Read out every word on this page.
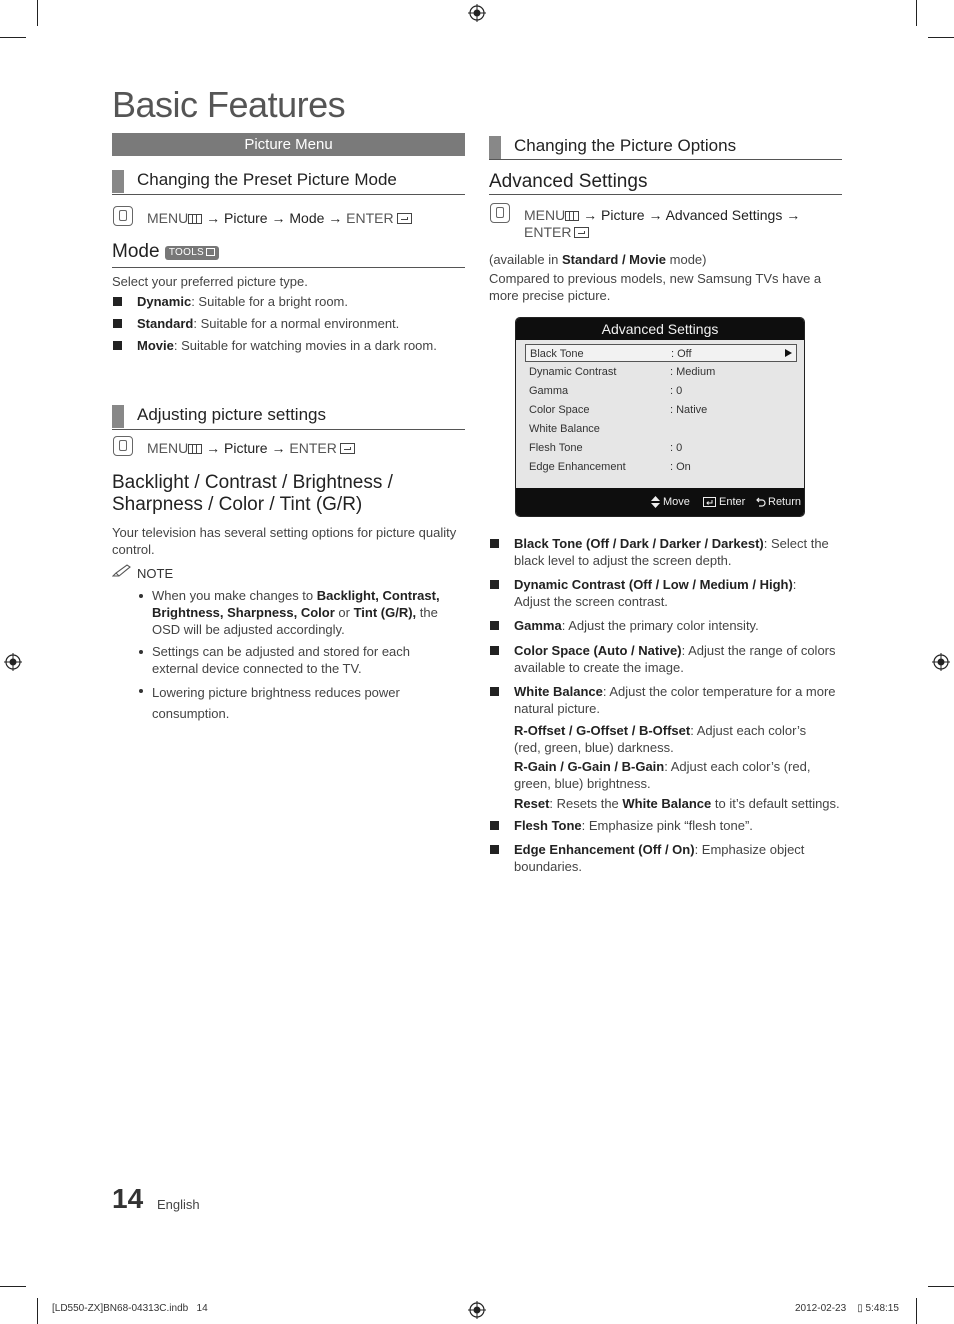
Basic Features
Picture Menu
Changing the Preset Picture Mode
MENU → Picture → Mode → ENTER
Mode TOOLS
Select your preferred picture type.
Dynamic: Suitable for a bright room.
Standard: Suitable for a normal environment.
Movie: Suitable for watching movies in a dark room.
Adjusting picture settings
MENU → Picture → ENTER
Backlight / Contrast / Brightness /
Sharpness / Color / Tint (G/R)
Your television has several setting options for picture quality
control.
NOTE
When you make changes to Backlight, Contrast,
Brightness, Sharpness, Color or Tint (G/R), the
OSD will be adjusted accordingly.
Settings can be adjusted and stored for each
external device connected to the TV.
Lowering picture brightness reduces power
consumption.
Changing the Picture Options
Advanced Settings
MENU → Picture → Advanced Settings →
ENTER
(available in Standard / Movie mode)
Compared to previous models, new Samsung TVs have a
more precise picture.
Advanced Settings
Black Tone	: Off
Dynamic Contrast	: Medium
Gamma	: 0
Color Space	: Native
White Balance
Flesh Tone	: 0
Edge Enhancement	: On
Move	Enter Return
Black Tone (Off / Dark / Darker / Darkest): Select the
black level to adjust the screen depth.
Dynamic Contrast (Off / Low / Medium / High):
Adjust the screen contrast.
Gamma: Adjust the primary color intensity.
Color Space (Auto / Native): Adjust the range of colors
available to create the image.
White Balance: Adjust the color temperature for a more
natural picture.
R-Offset / G-Offset / B-Offset: Adjust each color’s
(red, green, blue) darkness.
R-Gain / G-Gain / B-Gain: Adjust each color’s (red,
green, blue) brightness.
Reset: Resets the White Balance to it’s default settings.
Flesh Tone: Emphasize pink “flesh tone”.
Edge Enhancement (Off / On): Emphasize object
boundaries.
14 English
[LD550-ZX]BN68-04313C.indb   14	2012-02-23    ▯ 5:48:15
